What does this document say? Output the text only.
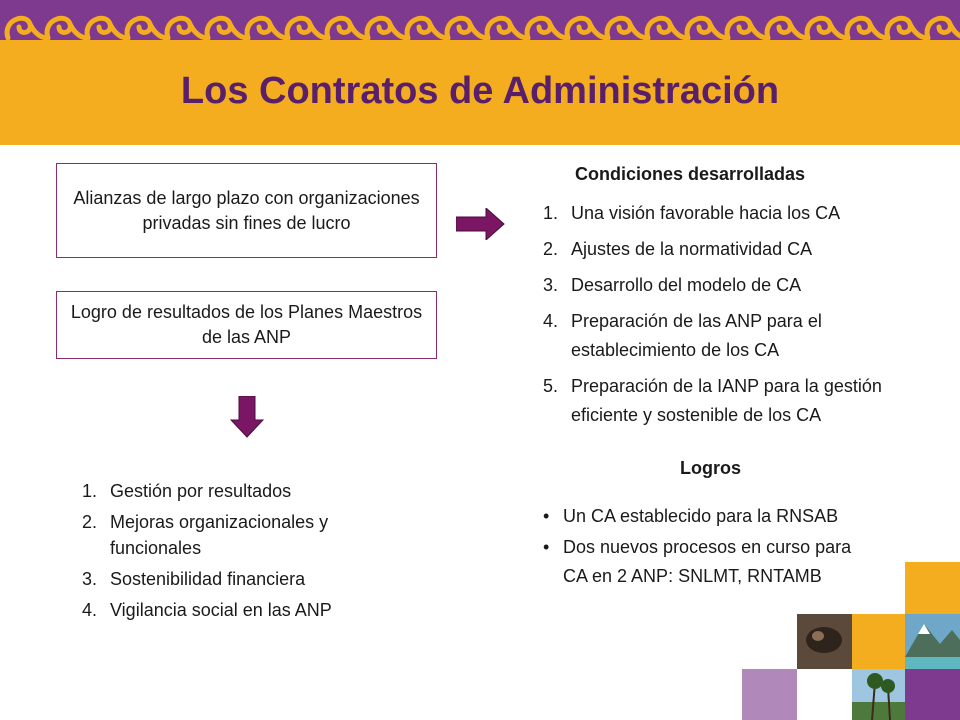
Los Contratos de Administración
Alianzas de largo plazo con organizaciones privadas sin fines de lucro
Logro de resultados de los Planes Maestros de las ANP
Condiciones desarrolladas
1. Una visión favorable hacia los CA
2. Ajustes de la normatividad CA
3. Desarrollo del modelo de CA
4. Preparación de las ANP para el establecimiento de los CA
5. Preparación de la IANP para la gestión eficiente y sostenible de los CA
1. Gestión por resultados
2. Mejoras organizacionales y funcionales
3. Sostenibilidad financiera
4. Vigilancia social en las ANP
Logros
• Un CA establecido para la RNSAB
• Dos nuevos procesos en curso para CA en 2 ANP: SNLMT, RNTAMB
